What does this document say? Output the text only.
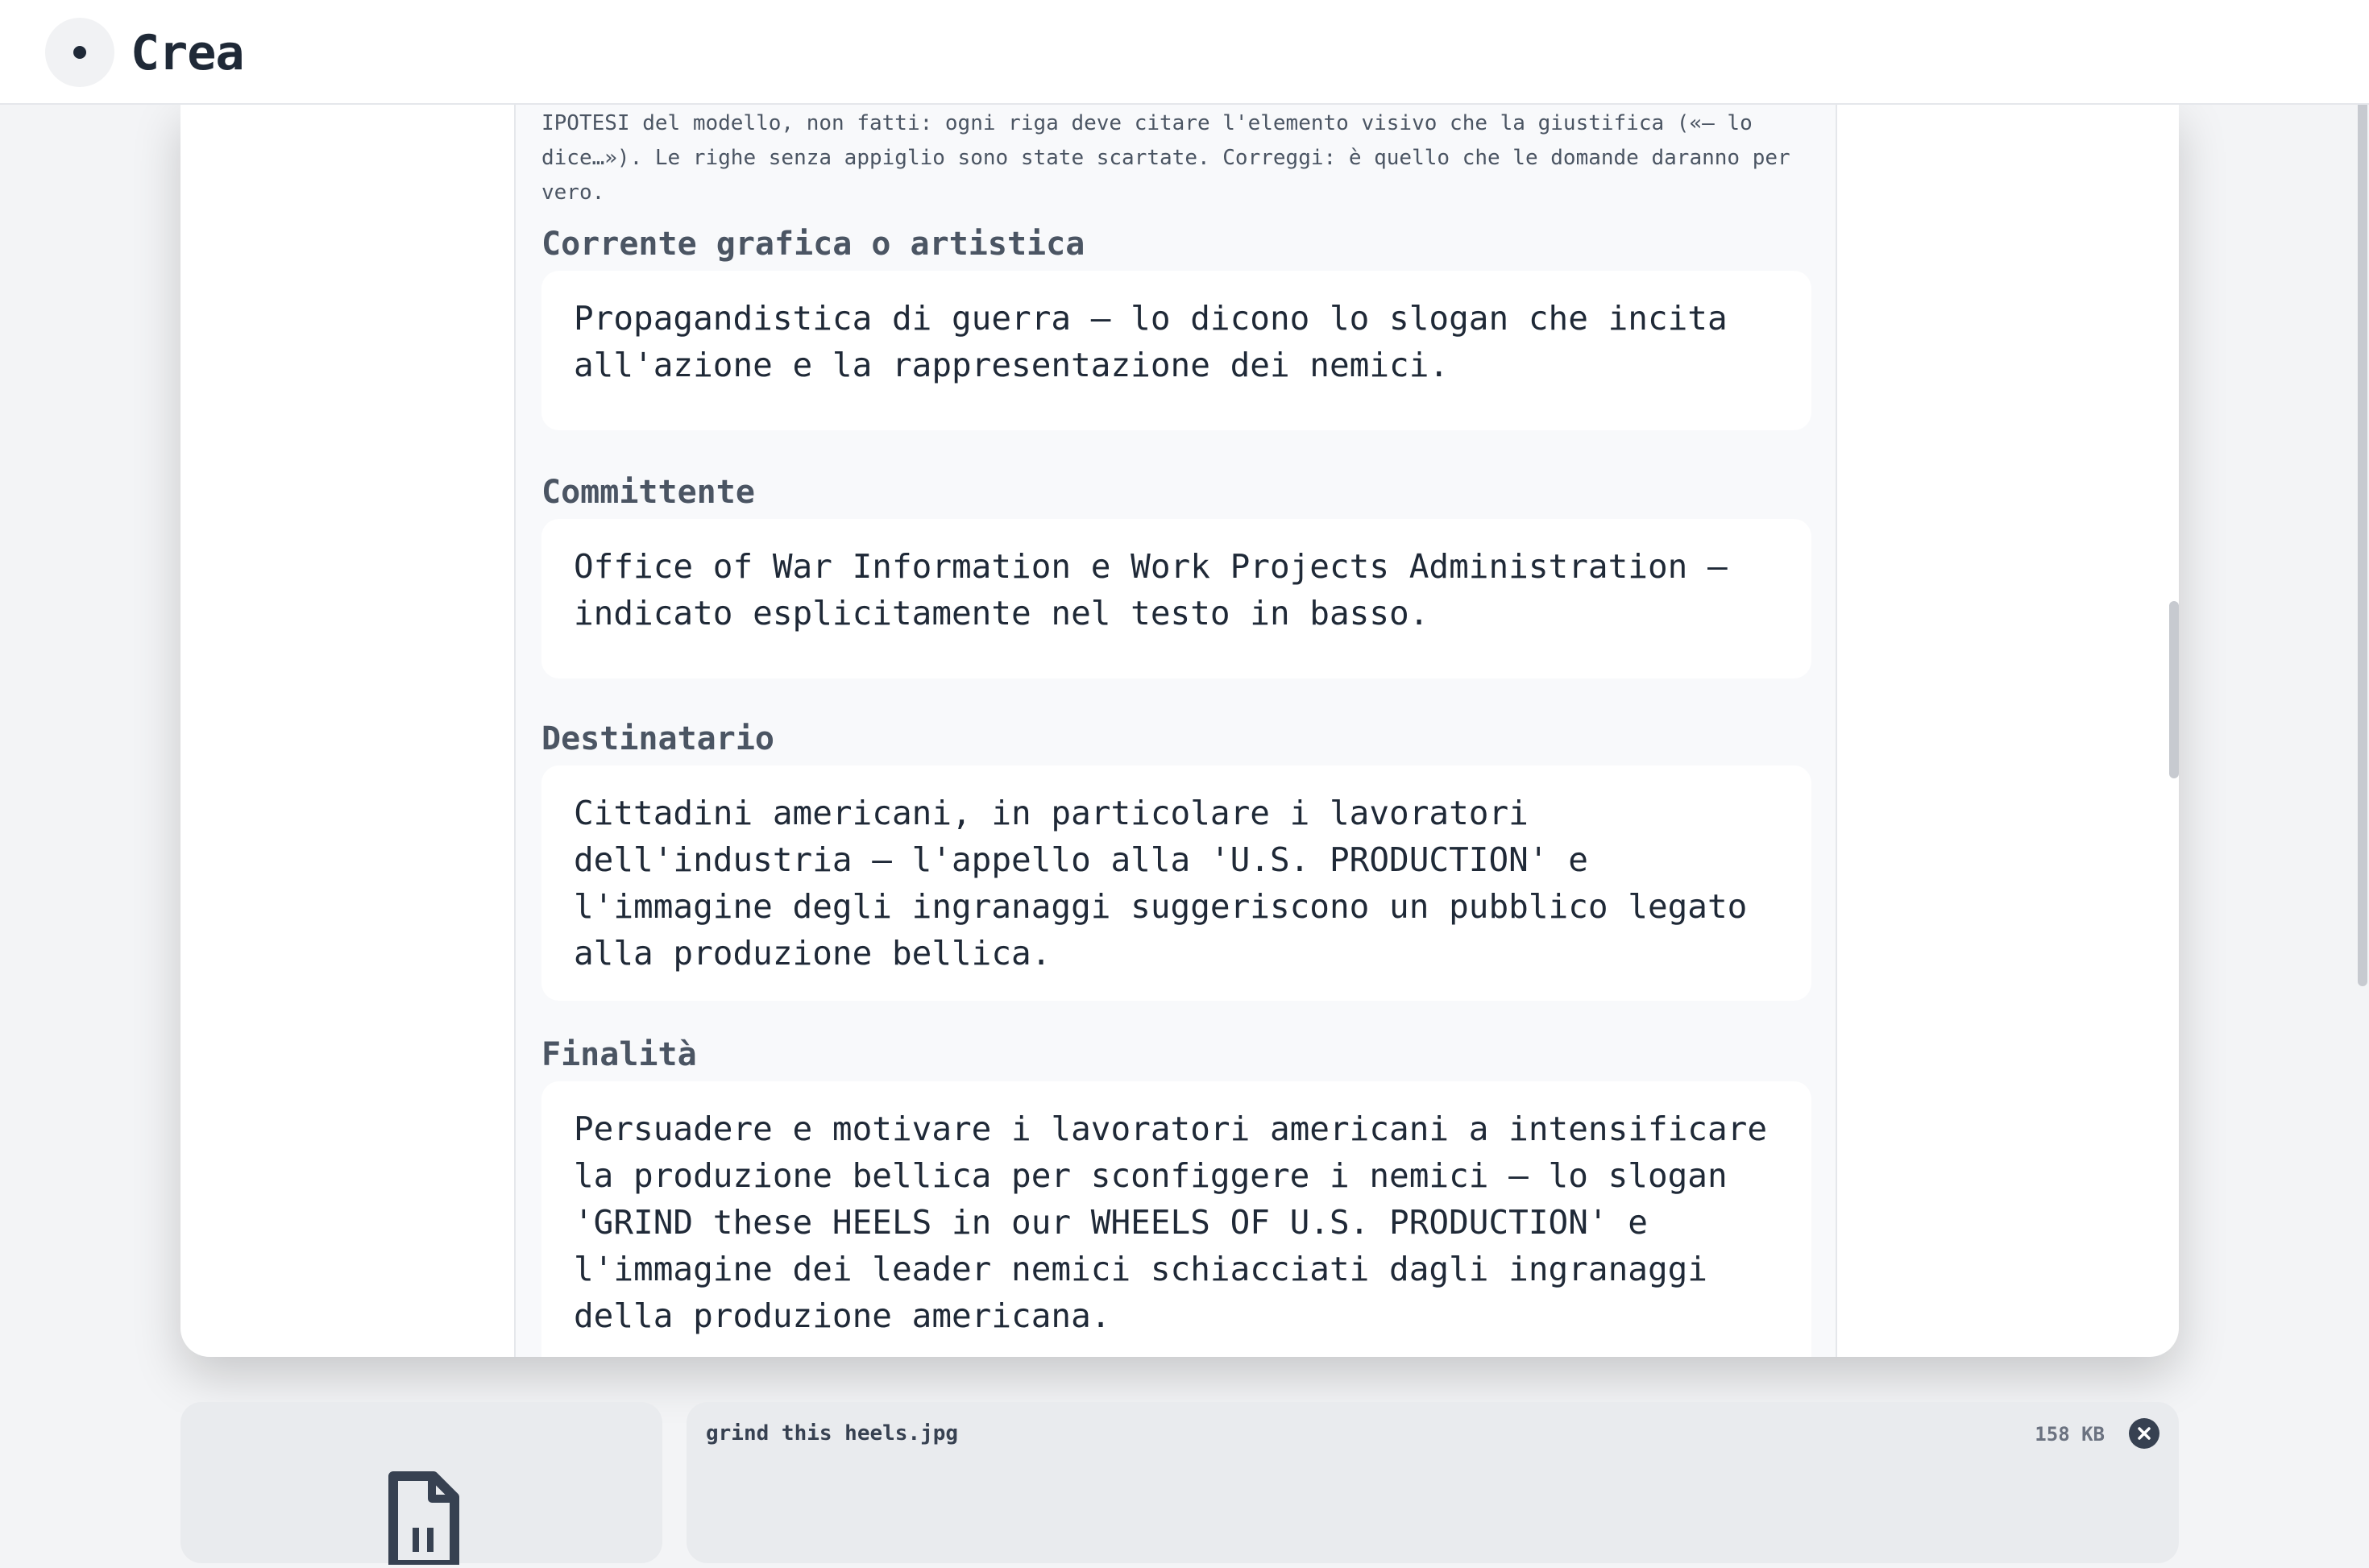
Crea
IPOTESI del modello, non fatti: ogni riga deve citare l'elemento visivo che la giustifica («— lo dice…»). Le righe senza appiglio sono state scartate. Correggi: è quello che le domande daranno per vero.
Corrente grafica o artistica
Propagandistica di guerra — lo dicono lo slogan che incita all'azione e la rappresentazione dei nemici.
Committente
Office of War Information e Work Projects Administration — indicato esplicitamente nel testo in basso.
Destinatario
Cittadini americani, in particolare i lavoratori dell'industria — l'appello alla 'U.S. PRODUCTION' e l'immagine degli ingranaggi suggeriscono un pubblico legato alla produzione bellica.
Finalità
Persuadere e motivare i lavoratori americani a intensificare la produzione bellica per sconfiggere i nemici — lo slogan 'GRIND these HEELS in our WHEELS OF U.S. PRODUCTION' e l'immagine dei leader nemici schiacciati dagli ingranaggi della produzione americana.
grind this heels.jpg	158 KB
